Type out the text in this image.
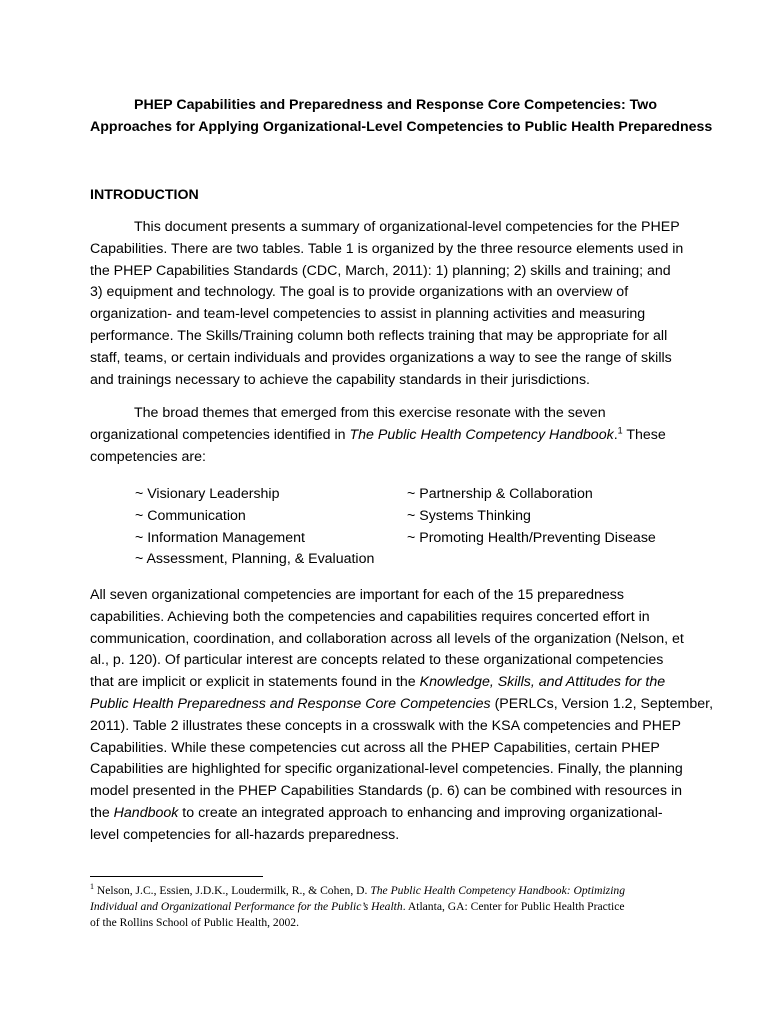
PHEP Capabilities and Preparedness and Response Core Competencies: Two
Approaches for Applying Organizational-Level Competencies to Public Health Preparedness
INTRODUCTION

This document presents a summary of organizational-level competencies for the PHEP
Capabilities. There are two tables. Table 1 is organized by the three resource elements used in
the PHEP Capabilities Standards (CDC, March, 2011): 1) planning; 2) skills and training; and
3) equipment and technology. The goal is to provide organizations with an overview of
organization- and team-level competencies to assist in planning activities and measuring
performance. The Skills/Training column both reflects training that may be appropriate for all
staff, teams, or certain individuals and provides organizations a way to see the range of skills
and trainings necessary to achieve the capability standards in their jurisdictions.

The broad themes that emerged from this exercise resonate with the seven
organizational competencies identified in The Public Health Competency Handbook.$^1$ These
competencies are:

~ Visionary Leadership
~ Communication
~ Information Management
~ Assessment, Planning, & Evaluation
~ Partnership & Collaboration
~ Systems Thinking
~ Promoting Health/Preventing Disease

All seven organizational competencies are important for each of the 15 preparedness
capabilities. Achieving both the competencies and capabilities requires concerted effort in
communication, coordination, and collaboration across all levels of the organization (Nelson, et
al., p. 120). Of particular interest are concepts related to these organizational competencies
that are implicit or explicit in statements found in the Knowledge, Skills, and Attitudes for the
Public Health Preparedness and Response Core Competencies (PERLCs, Version 1.2, September,
2011). Table 2 illustrates these concepts in a crosswalk with the KSA competencies and PHEP
Capabilities. While these competencies cut across all the PHEP Capabilities, certain PHEP
Capabilities are highlighted for specific organizational-level competencies. Finally, the planning
model presented in the PHEP Capabilities Standards (p. 6) can be combined with resources in
the Handbook to create an integrated approach to enhancing and improving organizational-
level competencies for all-hazards preparedness.

$^1$ Nelson, J.C., Essien, J.D.K., Loudermilk, R., & Cohen, D. The Public Health Competency Handbook: Optimizing
Individual and Organizational Performance for the Public’s Health. Atlanta, GA: Center for Public Health Practice
of the Rollins School of Public Health, 2002.
